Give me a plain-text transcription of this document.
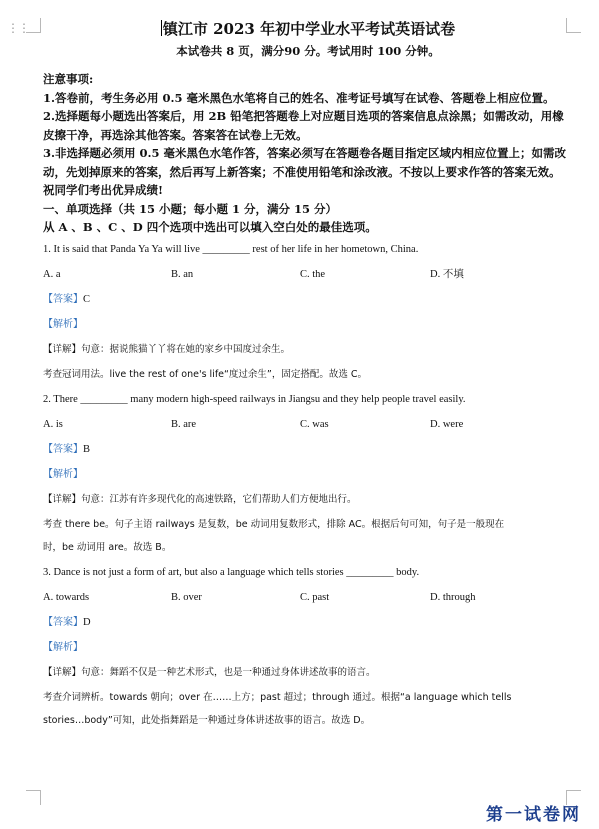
⋮⋮	镇江市 2023 年初中学业水平考试英语试卷

本试卷共 8 页，满分90 分。考试用时 100 分钟。

注意事项:

1.答卷前，考生务必用 0.5 毫米黑色水笔将自己的姓名、准考证号填写在试卷、答题卷上相应位置。

2.选择题每小题选出答案后，用 2B 铅笔把答题卷上对应题目选项的答案信息点涂黑；如需改动，用橡皮擦干净，再选涂其他答案。答案答在试卷上无效。

3.非选择题必须用 0.5 毫米黑色水笔作答，答案必须写在答题卷各题目指定区域内相应位置上；如需改动，先划掉原来的答案，然后再写上新答案；不准使用铅笔和涂改液。不按以上要求作答的答案无效。

祝同学们考出优异成绩!

一、单项选择（共 15 小题；每小题 1 分，满分 15 分）

从 A 、B 、C 、D 四个选项中选出可以填入空白处的最佳选项。

1. It is said that Panda Ya Ya will live _________ rest of her life in her hometown, China.

A. a	B. an	C. the	D. 不填

【答案】C

【解析】

【详解】句意：据说熊猫丫丫将在她的家乡中国度过余生。

考查冠词用法。live the rest of one's life“度过余生”，固定搭配。故选 C。

2. There _________ many modern high-speed railways in Jiangsu and they help people travel easily.

A. is	B. are	C. was	D. were

【答案】B

【解析】

【详解】句意：江苏有许多现代化的高速铁路，它们帮助人们方便地出行。

考查 there be。句子主语 railways 是复数，be 动词用复数形式，排除 AC。根据后句可知，句子是一般现在

时，be 动词用 are。故选 B。

3. Dance is not just a form of art, but also a language which tells stories _________ body.

A. towards	B. over	C. past	D. through

【答案】D

【解析】

【详解】句意：舞蹈不仅是一种艺术形式，也是一种通过身体讲述故事的语言。

考查介词辨析。towards 朝向；over 在……上方；past 超过；through 通过。根据“a language which tells

stories…body”可知，此处指舞蹈是一种通过身体讲述故事的语言。故选 D。

第一试卷网
